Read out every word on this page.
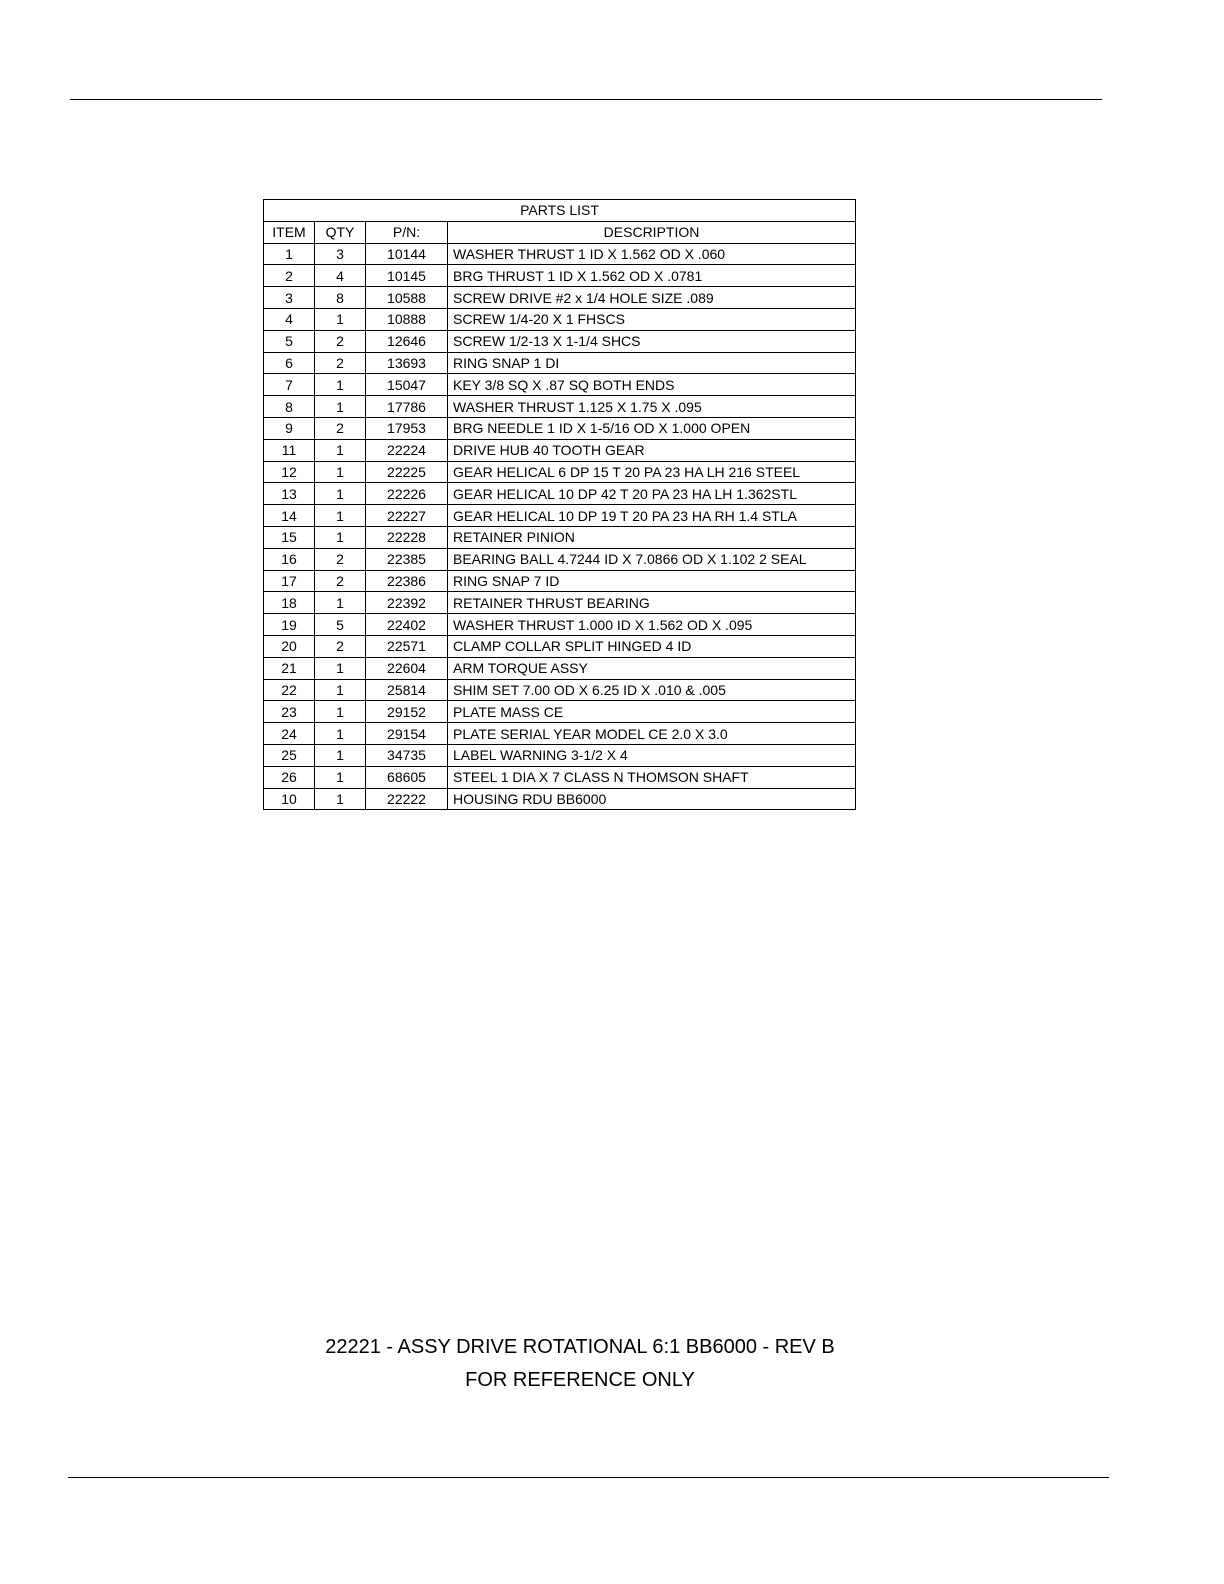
PARTS LIST			
ITEM	QTY	P/N:	DESCRIPTION
1	3	10144	WASHER THRUST 1 ID X 1.562 OD X .060
2	4	10145	BRG THRUST 1 ID X 1.562 OD X .0781
3	8	10588	SCREW DRIVE #2 x 1/4 HOLE SIZE .089
4	1	10888	SCREW 1/4-20 X 1 FHSCS
5	2	12646	SCREW 1/2-13 X 1-1/4 SHCS
6	2	13693	RING SNAP 1 DI
7	1	15047	KEY 3/8 SQ X .87 SQ BOTH ENDS
8	1	17786	WASHER THRUST 1.125 X 1.75 X .095
9	2	17953	BRG NEEDLE 1 ID X 1-5/16 OD X 1.000 OPEN
11	1	22224	DRIVE HUB 40 TOOTH GEAR
12	1	22225	GEAR HELICAL 6 DP 15 T 20 PA 23 HA LH 216 STEEL
13	1	22226	GEAR HELICAL 10 DP 42 T 20 PA 23 HA LH 1.362STL
14	1	22227	GEAR HELICAL 10 DP 19 T 20 PA 23 HA RH 1.4 STLA
15	1	22228	RETAINER PINION
16	2	22385	BEARING BALL 4.7244 ID X 7.0866 OD X 1.102 2 SEAL
17	2	22386	RING SNAP 7 ID
18	1	22392	RETAINER THRUST BEARING
19	5	22402	WASHER THRUST 1.000 ID X 1.562 OD X .095
20	2	22571	CLAMP COLLAR SPLIT HINGED 4 ID
21	1	22604	ARM TORQUE ASSY
22	1	25814	SHIM SET 7.00 OD X 6.25 ID X .010 & .005
23	1	29152	PLATE MASS CE
24	1	29154	PLATE SERIAL YEAR MODEL CE 2.0 X 3.0
25	1	34735	LABEL WARNING 3-1/2 X 4
26	1	68605	STEEL 1 DIA X 7 CLASS N THOMSON SHAFT
10	1	22222	HOUSING RDU BB6000
22221 - ASSY DRIVE ROTATIONAL 6:1 BB6000 - REV B
FOR REFERENCE ONLY
